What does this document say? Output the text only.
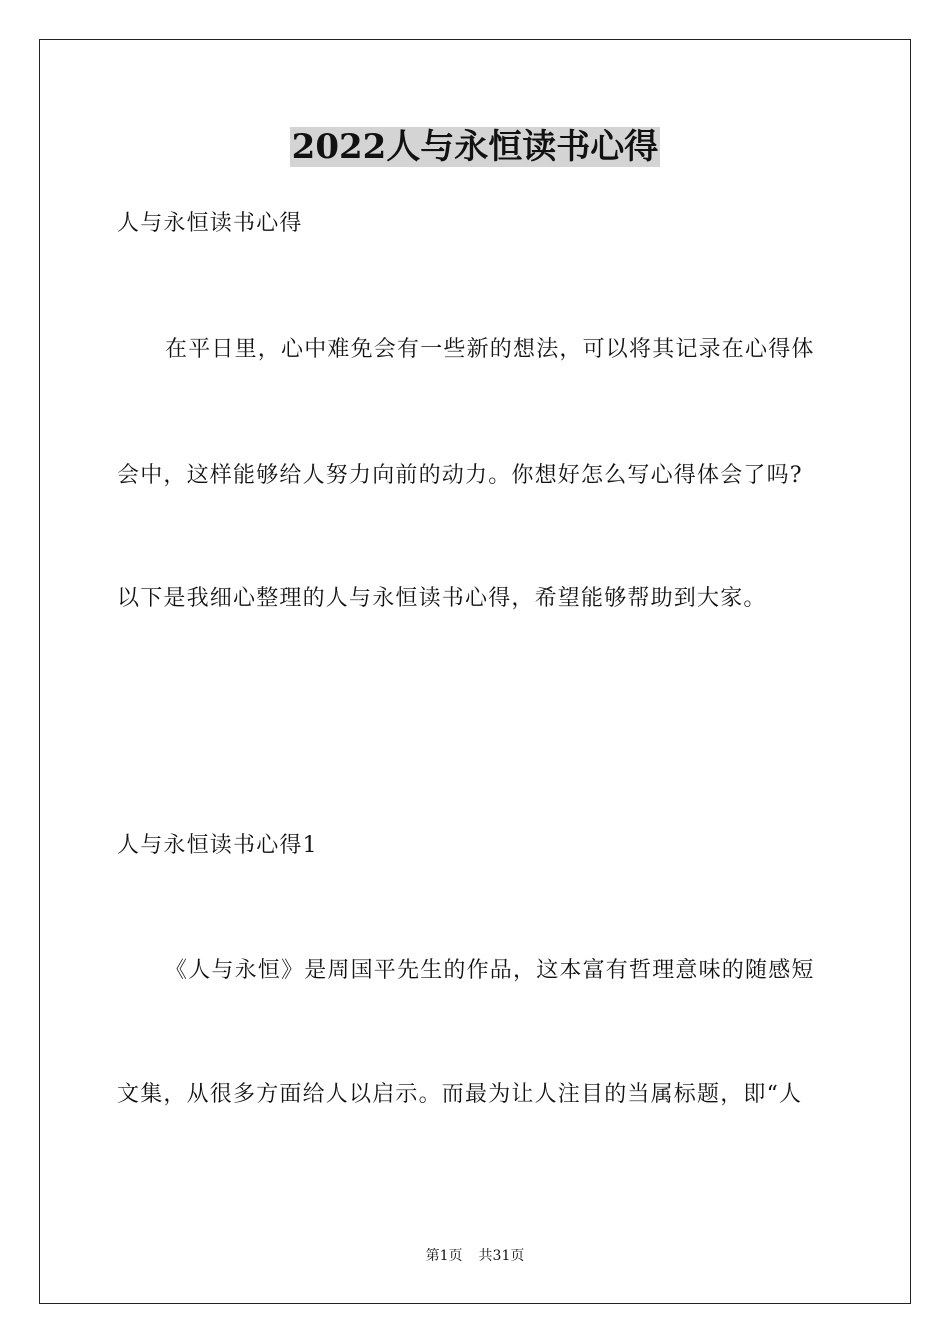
2022人与永恒读书心得
人与永恒读书心得
在平日里，心中难免会有一些新的想法，可以将其记录在心得体
会中，这样能够给人努力向前的动力。你想好怎么写心得体会了吗?
以下是我细心整理的人与永恒读书心得，希望能够帮助到大家。
人与永恒读书心得1
《人与永恒》是周国平先生的作品，这本富有哲理意味的随感短
文集，从很多方面给人以启示。而最为让人注目的当属标题，即“人
第1页 共31页
